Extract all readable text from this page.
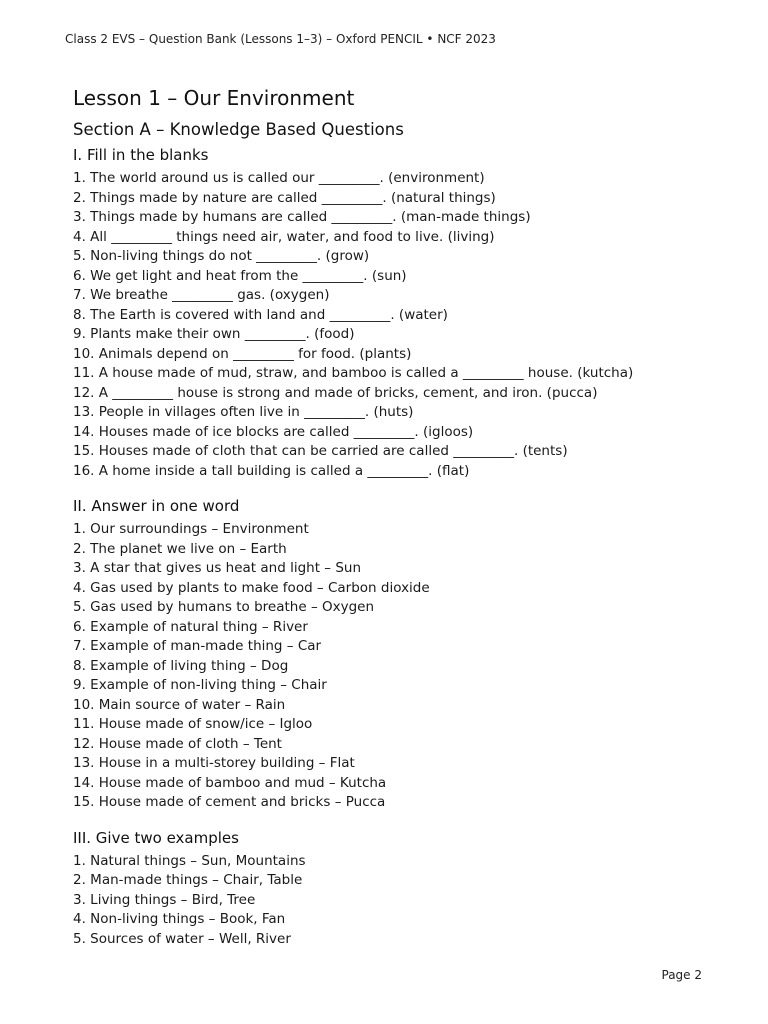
Class 2 EVS – Question Bank (Lessons 1–3) – Oxford PENCIL • NCF 2023
Lesson 1 – Our Environment
Section A – Knowledge Based Questions
I. Fill in the blanks
1. The world around us is called our _________. (environment)
2. Things made by nature are called _________. (natural things)
3. Things made by humans are called _________. (man-made things)
4. All _________ things need air, water, and food to live. (living)
5. Non-living things do not _________. (grow)
6. We get light and heat from the _________. (sun)
7. We breathe _________ gas. (oxygen)
8. The Earth is covered with land and _________. (water)
9. Plants make their own _________. (food)
10. Animals depend on _________ for food. (plants)
11. A house made of mud, straw, and bamboo is called a _________ house. (kutcha)
12. A _________ house is strong and made of bricks, cement, and iron. (pucca)
13. People in villages often live in _________. (huts)
14. Houses made of ice blocks are called _________. (igloos)
15. Houses made of cloth that can be carried are called _________. (tents)
16. A home inside a tall building is called a _________. (flat)
II. Answer in one word
1. Our surroundings – Environment
2. The planet we live on – Earth
3. A star that gives us heat and light – Sun
4. Gas used by plants to make food – Carbon dioxide
5. Gas used by humans to breathe – Oxygen
6. Example of natural thing – River
7. Example of man-made thing – Car
8. Example of living thing – Dog
9. Example of non-living thing – Chair
10. Main source of water – Rain
11. House made of snow/ice – Igloo
12. House made of cloth – Tent
13. House in a multi-storey building – Flat
14. House made of bamboo and mud – Kutcha
15. House made of cement and bricks – Pucca
III. Give two examples
1. Natural things – Sun, Mountains
2. Man-made things – Chair, Table
3. Living things – Bird, Tree
4. Non-living things – Book, Fan
5. Sources of water – Well, River
Page 2
